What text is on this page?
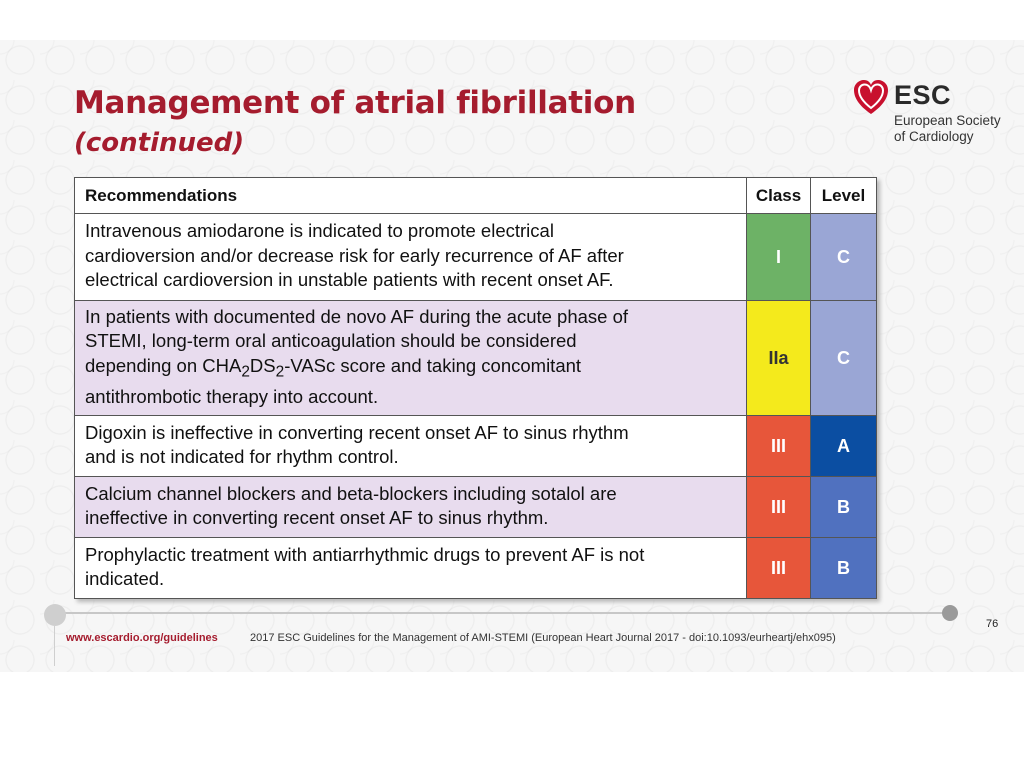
Management of atrial fibrillation
(continued)
ESC
European Society
of Cardiology
Recommendations	Class	Level
Intravenous amiodarone is indicated to promote electrical
cardioversion and/or decrease risk for early recurrence of AF after
electrical cardioversion in unstable patients with recent onset AF.	I	C
In patients with documented de novo AF during the acute phase of
STEMI, long-term oral anticoagulation should be considered
depending on $CHA_2DS_2$-VASc score and taking concomitant
antithrombotic therapy into account.	IIa	C
Digoxin is ineffective in converting recent onset AF to sinus rhythm
and is not indicated for rhythm control.	III	A
Calcium channel blockers and beta-blockers including sotalol are
ineffective in converting recent onset AF to sinus rhythm.	III	B
Prophylactic treatment with antiarrhythmic drugs to prevent AF is not
indicated.	III	B
76
www.escardio.org/guidelines	2017 ESC Guidelines for the Management of AMI-STEMI (European Heart Journal 2017 - doi:10.1093/eurheartj/ehx095)
